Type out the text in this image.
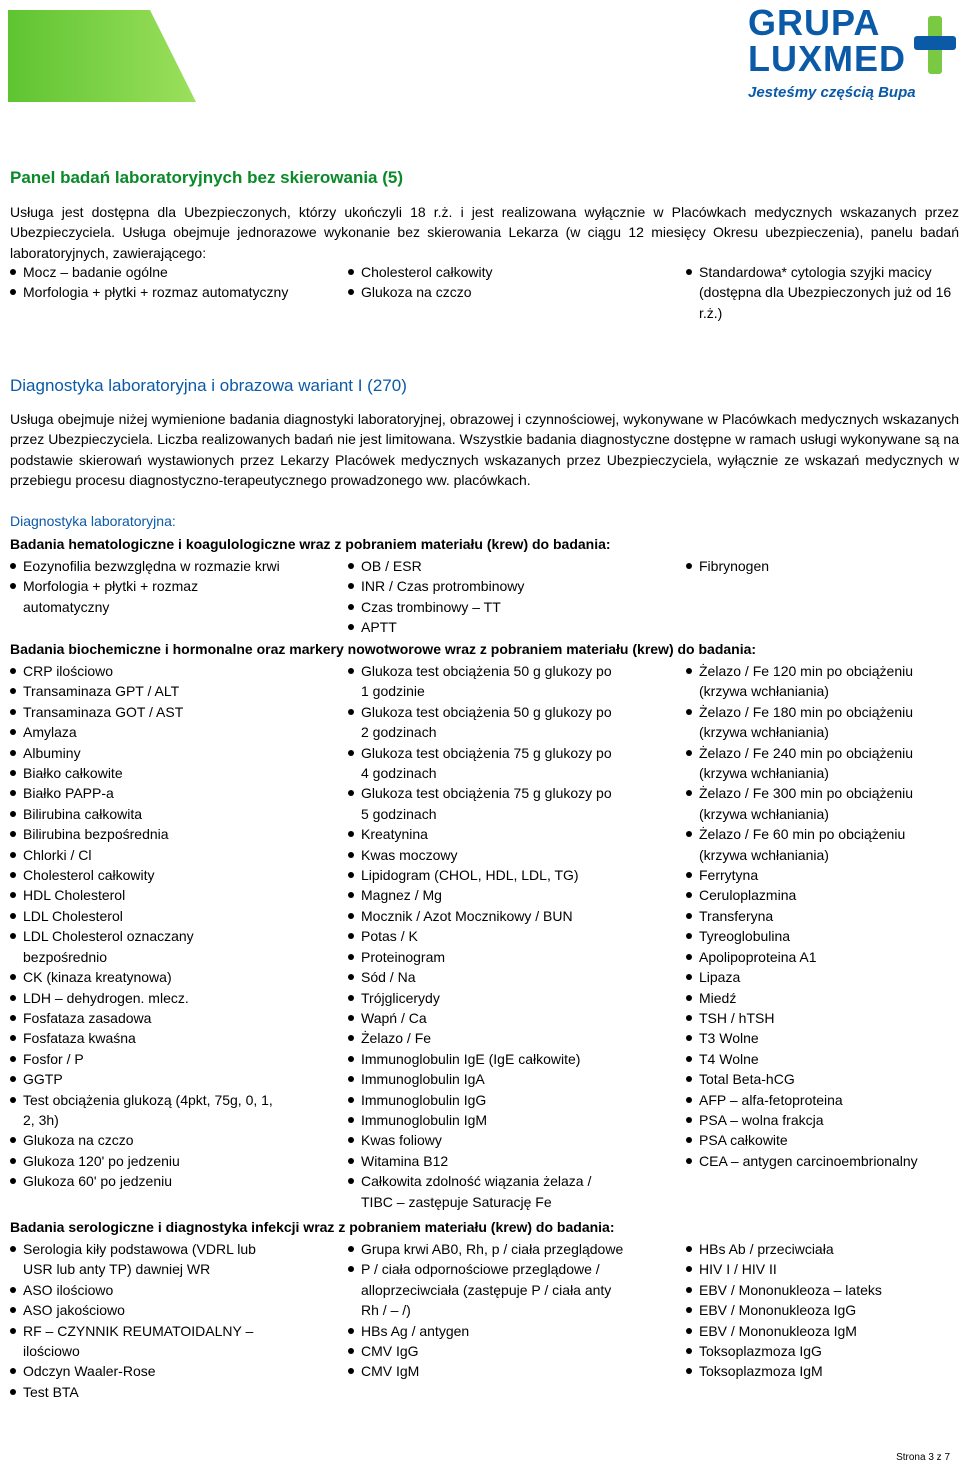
GRUPA
LUXMED
Jesteśmy częścią Bupa
Panel badań laboratoryjnych bez skierowania (5)
Usługa jest dostępna dla Ubezpieczonych, którzy ukończyli 18 r.ż. i jest realizowana wyłącznie w Placówkach medycznych wskazanych przez Ubezpieczyciela. Usługa obejmuje jednorazowe wykonanie bez skierowania Lekarza (w ciągu 12 miesięcy Okresu ubezpieczenia), panelu badań laboratoryjnych, zawierającego:
Mocz – badanie ogólne
Morfologia + płytki + rozmaz automatyczny
Cholesterol całkowity
Glukoza na czczo
Standardowa* cytologia szyjki macicy (dostępna dla Ubezpieczonych już od 16 r.ż.)
Diagnostyka laboratoryjna i obrazowa wariant I (270)
Usługa obejmuje niżej wymienione badania diagnostyki laboratoryjnej, obrazowej i czynnościowej, wykonywane w Placówkach medycznych wskazanych przez Ubezpieczyciela. Liczba realizowanych badań nie jest limitowana. Wszystkie badania diagnostyczne dostępne w ramach usługi wykonywane są na podstawie skierowań wystawionych przez Lekarzy Placówek medycznych wskazanych przez Ubezpieczyciela, wyłącznie ze wskazań medycznych w przebiegu procesu diagnostyczno-terapeutycznego prowadzonego ww. placówkach.
Diagnostyka laboratoryjna:
Badania hematologiczne i koagulologiczne wraz z pobraniem materiału (krew) do badania:
Eozynofilia bezwzględna w rozmazie krwi
Morfologia + płytki + rozmaz automatyczny
OB / ESR
INR / Czas protrombinowy
Czas trombinowy – TT
APTT
Fibrynogen
Badania biochemiczne i hormonalne oraz markery nowotworowe wraz z pobraniem materiału (krew) do badania:
CRP ilościowo
Transaminaza GPT / ALT
Transaminaza GOT / AST
Amylaza
Albuminy
Białko całkowite
Białko PAPP-a
Bilirubina całkowita
Bilirubina bezpośrednia
Chlorki / Cl
Cholesterol całkowity
HDL Cholesterol
LDL Cholesterol
LDL Cholesterol oznaczany bezpośrednio
CK (kinaza kreatynowa)
LDH – dehydrogen. mlecz.
Fosfataza zasadowa
Fosfataza kwaśna
Fosfor / P
GGTP
Test obciążenia glukozą (4pkt, 75g, 0, 1, 2, 3h)
Glukoza na czczo
Glukoza 120' po jedzeniu
Glukoza 60' po jedzeniu
Glukoza test obciążenia 50 g glukozy po 1 godzinie
Glukoza test obciążenia 50 g glukozy po 2 godzinach
Glukoza test obciążenia 75 g glukozy po 4 godzinach
Glukoza test obciążenia 75 g glukozy po 5 godzinach
Kreatynina
Kwas moczowy
Lipidogram (CHOL, HDL, LDL, TG)
Magnez / Mg
Mocznik / Azot Mocznikowy / BUN
Potas / K
Proteinogram
Sód / Na
Trójglicerydy
Wapń / Ca
Żelazo / Fe
Immunoglobulin IgE (IgE całkowite)
Immunoglobulin IgA
Immunoglobulin IgG
Immunoglobulin IgM
Kwas foliowy
Witamina B12
Całkowita zdolność wiązania żelaza / TIBC – zastępuje Saturację Fe
Żelazo / Fe 120 min po obciążeniu (krzywa wchłaniania)
Żelazo / Fe 180 min po obciążeniu (krzywa wchłaniania)
Żelazo / Fe 240 min po obciążeniu (krzywa wchłaniania)
Żelazo / Fe 300 min po obciążeniu (krzywa wchłaniania)
Żelazo / Fe 60 min po obciążeniu (krzywa wchłaniania)
Ferrytyna
Ceruloplazmina
Transferyna
Tyreoglobulina
Apolipoproteina A1
Lipaza
Miedź
TSH / hTSH
T3 Wolne
T4 Wolne
Total Beta-hCG
AFP – alfa-fetoproteina
PSA – wolna frakcja
PSA całkowite
CEA – antygen carcinoembrionalny
Badania serologiczne i diagnostyka infekcji wraz z pobraniem materiału (krew) do badania:
Serologia kiły podstawowa (VDRL lub USR lub anty TP) dawniej WR
ASO ilościowo
ASO jakościowo
RF – CZYNNIK REUMATOIDALNY – ilościowo
Odczyn Waaler-Rose
Test BTA
Grupa krwi AB0, Rh, p / ciała przeglądowe
P / ciała odpornościowe przeglądowe / alloprzeciwciała (zastępuje P / ciała anty Rh / – /)
HBs Ag / antygen
CMV IgG
CMV IgM
HBs Ab / przeciwciała
HIV I / HIV II
EBV / Mononukleoza – lateks
EBV / Mononukleoza IgG
EBV / Mononukleoza IgM
Toksoplazmoza IgG
Toksoplazmoza IgM
Strona 3 z 7
